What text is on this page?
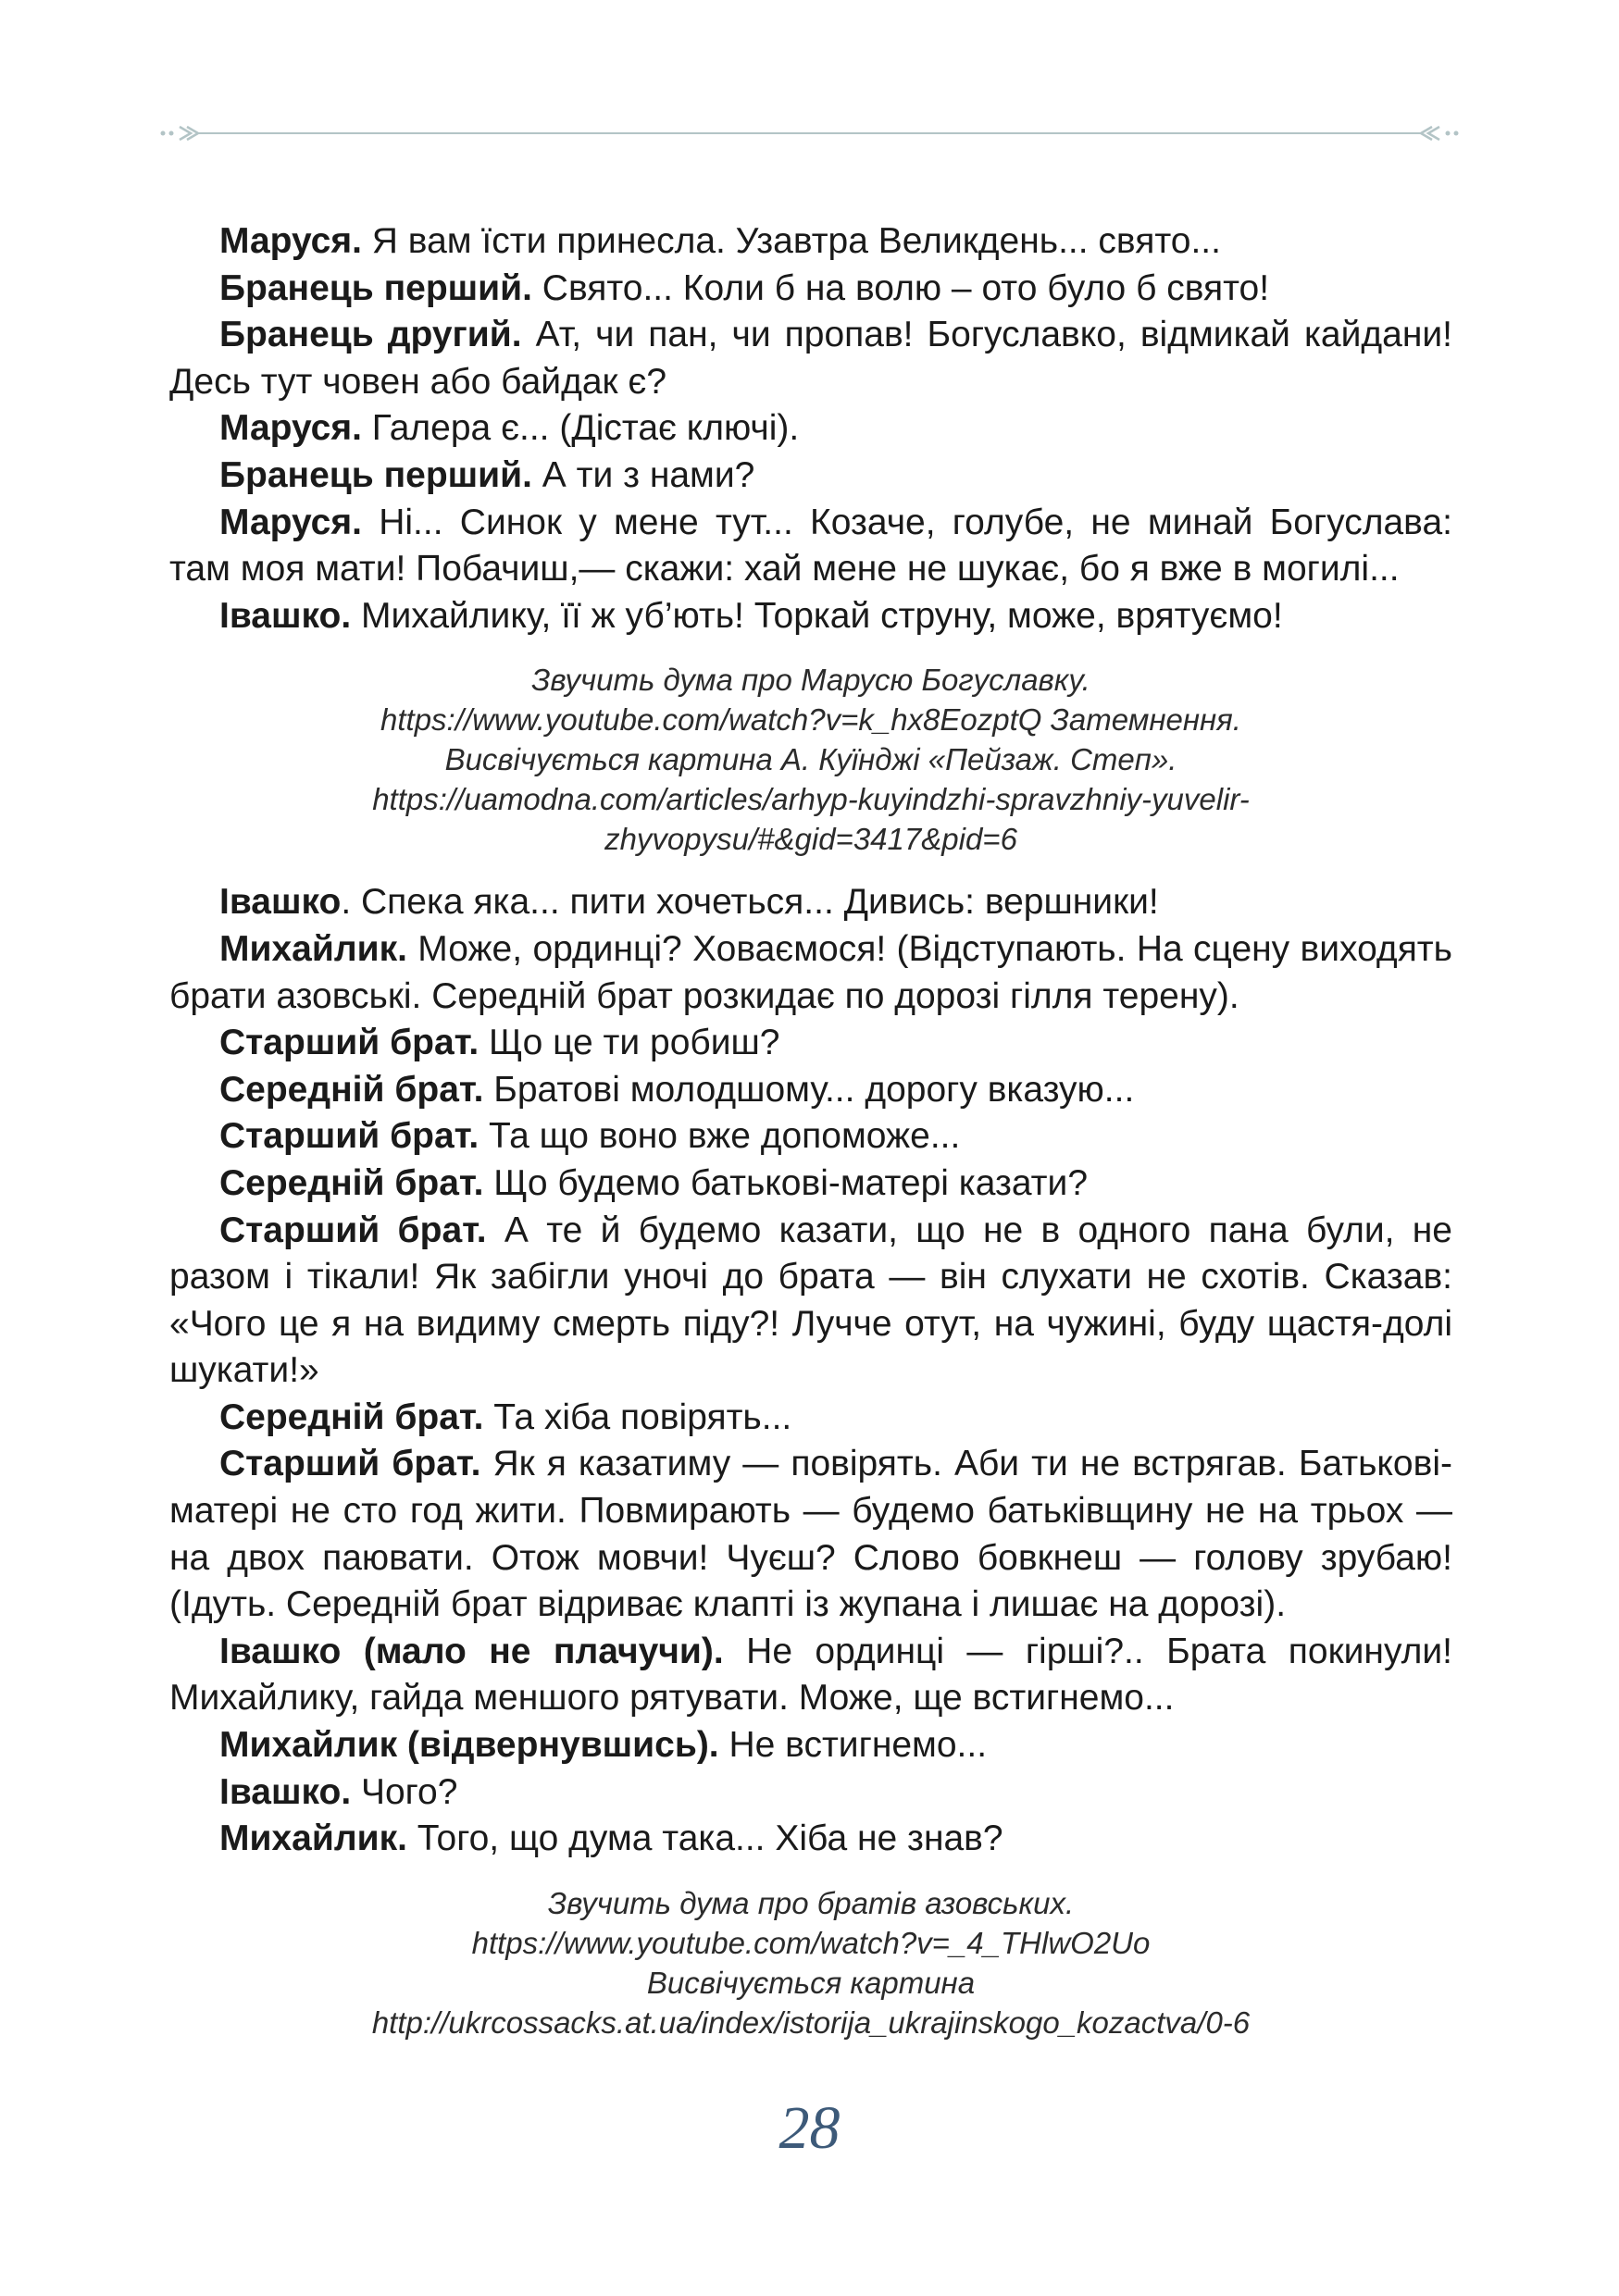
Маруся. Я вам їсти принесла. Узавтра Великдень... свято...

Бранець перший. Свято... Коли б на волю – ото було б свято!

Бранець другий. Ат, чи пан, чи пропав! Богуславко, відмикай кайдани! Десь тут човен або байдак є?

Маруся. Галера є... (Дістає ключі).

Бранець перший. А ти з нами?

Маруся. Ні... Синок у мене тут... Козаче, голубе, не минай Богуслава: там моя мати! Побачиш,— скажи: хай мене не шукає, бо я вже в могилі...

Івашко. Михайлику, її ж уб’ють! Торкай струну, може, врятуємо!

Звучить дума про Марусю Богуславку.
https://www.youtube.com/watch?v=k_hx8EozptQ Затемнення.
Висвічується картина А. Куїнджі «Пейзаж. Степ».
https://uamodna.com/articles/arhyp-kuyindzhi-spravzhniy-yuvelir-
zhyvopysu/#&gid=3417&pid=6

Івашко. Спека яка... пити хочеться... Дивись: вершники!

Михайлик. Може, ординці? Ховаємося! (Відступають. На сцену виходять брати азовські. Середній брат розкидає по дорозі гілля терену).

Старший брат. Що це ти робиш?

Середній брат. Братові молодшому... дорогу вказую...

Старший брат. Та що воно вже допоможе...

Середній брат. Що будемо батькові-матері казати?

Старший брат. А те й будемо казати, що не в одного пана були, не разом і тікали! Як забігли уночі до брата — він слухати не схотів. Сказав: «Чого це я на видиму смерть піду?! Лучче отут, на чужині, буду щастя-долі шукати!»

Середній брат. Та хіба повірять...

Старший брат. Як я казатиму — повірять. Аби ти не встрягав. Батькові-матері не сто год жити. Повмирають — будемо батьківщину не на трьох — на двох паювати. Отож мовчи! Чуєш? Слово бовкнеш — голову зрубаю! (Ідуть. Середній брат відриває клапті із жупана і лишає на дорозі).

Івашко (мало не плачучи). Не ординці — гірші?.. Брата покинули! Михайлику, гайда меншого рятувати. Може, ще встигнемо...

Михайлик (відвернувшись). Не встигнемо...

Івашко. Чого?

Михайлик. Того, що дума така... Хіба не знав?

Звучить дума про братів азовських.
https://www.youtube.com/watch?v=_4_THlwO2Uo
Висвічується картина
http://ukrcossacks.at.ua/index/istorija_ukrajinskogo_kozactva/0-6
28
